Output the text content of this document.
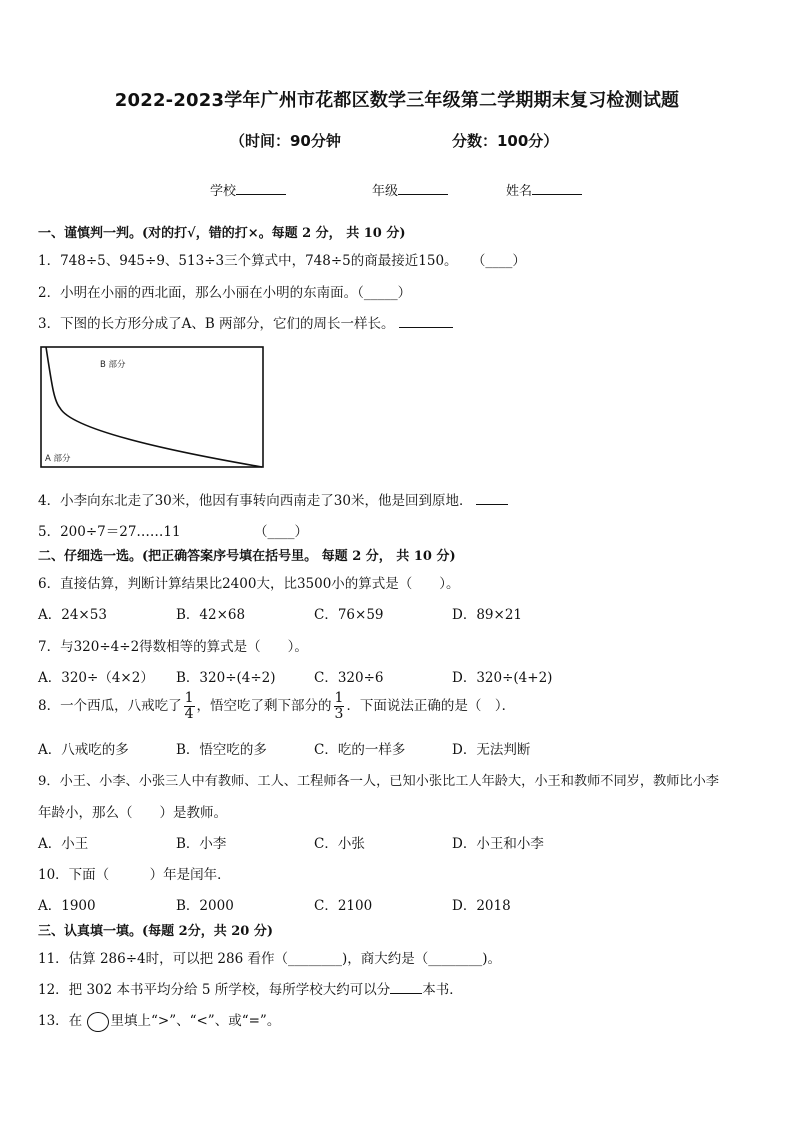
2022-2023学年广州市花都区数学三年级第二学期期末复习检测试题
（时间：90分钟	分数：100分）
学校	年级	姓名
一、谨慎判一判。(对的打√，错的打×。每题 2 分， 共 10 分)
1．748÷5、945÷9、513÷3三个算式中，748÷5的商最接近150。 （____）
2．小明在小丽的西北面，那么小丽在小明的东南面。（_____）
3．下图的长方形分成了A、B 两部分，它们的周长一样长。
B 部分
A 部分
4．小李向东北走了30米，他因有事转向西南走了30米，他是回到原地．
5．200÷7＝27……11	（____）
二、仔细选一选。(把正确答案序号填在括号里。 每题 2 分， 共 10 分)
6．直接估算，判断计算结果比2400大，比3500小的算式是（　　）。
A．24×53	B．42×68	C．76×59	D．89×21
7．与320÷4÷2得数相等的算式是（　　）。
A．320÷（4×2） B．320÷(4÷2)	C．320÷6	D．320÷(4+2)
8．一个西瓜，八戒吃了 $\frac{1}{4}$ ，悟空吃了剩下部分的 $\frac{1}{3}$ ．下面说法正确的是（　）．
A．八戒吃的多	B．悟空吃的多	C．吃的一样多	D．无法判断
9．小王、小李、小张三人中有教师、工人、工程师各一人，已知小张比工人年龄大，小王和教师不同岁，教师比小李
年龄小，那么（　　）是教师。
A．小王	B．小李	C．小张	D．小王和小李
10．下面（　　　）年是闰年．
A．1900	B．2000	C．2100	D．2018
三、认真填一填。(每题 2分，共 20 分)
11．估算 286÷4时，可以把 286 看作（________)，商大约是（________)。
12．把 302 本书平均分给 5 所学校，每所学校大约可以分 本书．
13．在 里填上“>”、“<”、或“=”。
